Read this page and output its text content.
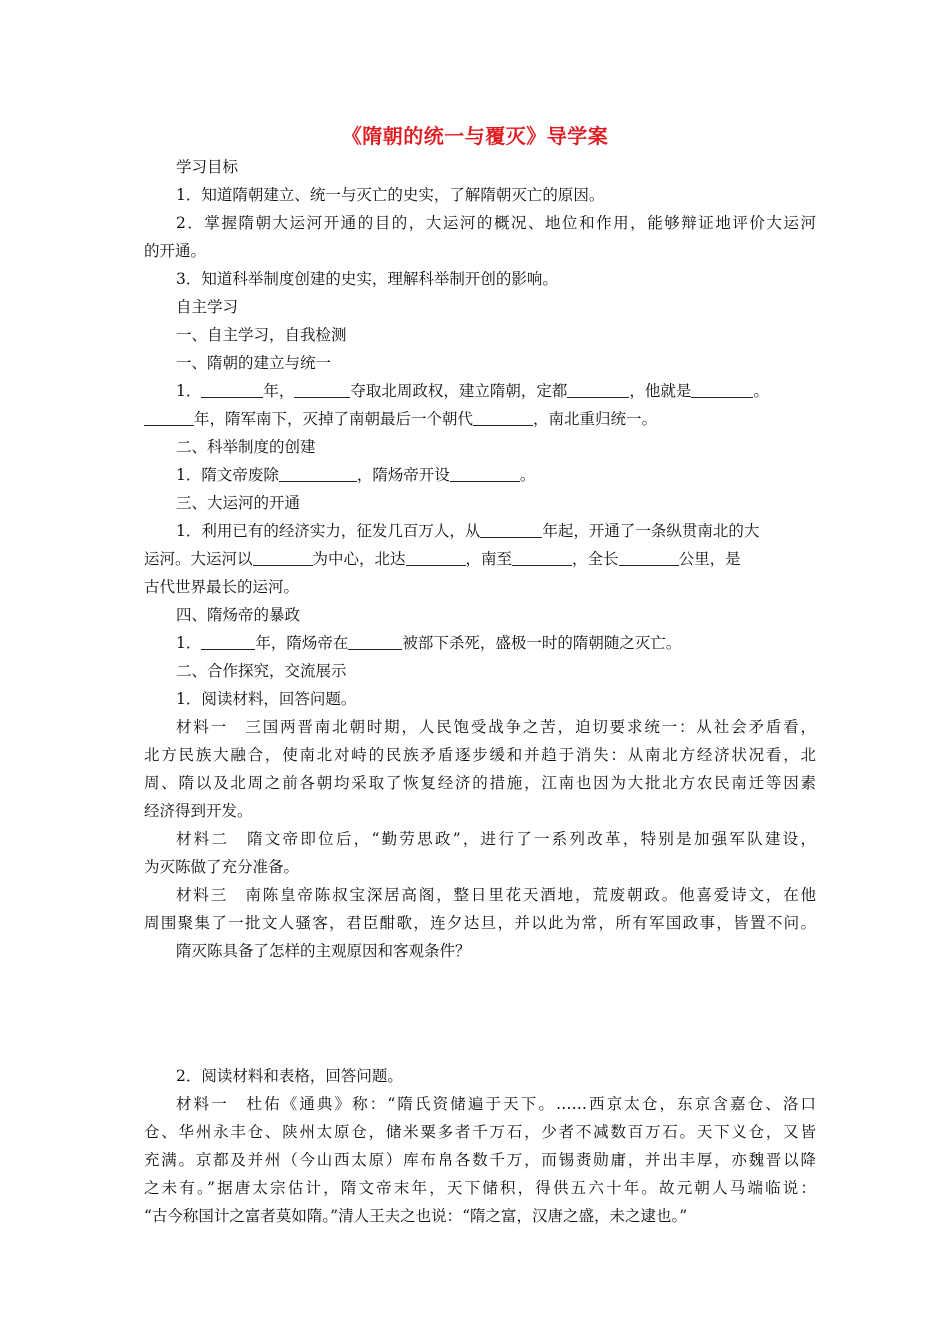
《隋朝的统一与覆灭》导学案
学习目标
1．知道隋朝建立、统一与灭亡的史实，了解隋朝灭亡的原因。
2．掌握隋朝大运河开通的目的，大运河的概况、地位和作用，能够辩证地评价大运河
的开通。
3．知道科举制度创建的史实，理解科举制开创的影响。
自主学习
一、自主学习，自我检测
一、隋朝的建立与统一
1．	年，	夺取北周政权，建立隋朝，定都	，他就是	。
年，隋军南下，灭掉了南朝最后一个朝代	，南北重归统一。
二、科举制度的创建
1．隋文帝废除	，隋炀帝开设	。
三、大运河的开通
1．利用已有的经济实力，征发几百万人，从	年起，开通了一条纵贯南北的大
运河。大运河以	为中心，北达	，南至	，全长	公里，是
古代世界最长的运河。
四、隋炀帝的暴政
1．	年，隋炀帝在	被部下杀死，盛极一时的隋朝随之灭亡。
二、合作探究，交流展示
1．阅读材料，回答问题。
材料一　三国两晋南北朝时期，人民饱受战争之苦，迫切要求统一：从社会矛盾看，
北方民族大融合，使南北对峙的民族矛盾逐步缓和并趋于消失：从南北方经济状况看，北
周、隋以及北周之前各朝均采取了恢复经济的措施，江南也因为大批北方农民南迁等因素
经济得到开发。
材料二　隋文帝即位后，“勤劳思政”，进行了一系列改革，特别是加强军队建设，
为灭陈做了充分准备。
材料三　南陈皇帝陈叔宝深居高阁，整日里花天酒地，荒废朝政。他喜爱诗文，在他
周围聚集了一批文人骚客，君臣酣歌，连夕达旦，并以此为常，所有军国政事，皆置不问。
隋灭陈具备了怎样的主观原因和客观条件？
2．阅读材料和表格，回答问题。
材料一　杜佑《通典》称：“隋氏资储遍于天下。……西京太仓，东京含嘉仓、洛口
仓、华州永丰仓、陕州太原仓，储米粟多者千万石，少者不减数百万石。天下义仓，又皆
充满。京都及并州（今山西太原）库布帛各数千万，而锡赉勋庸，并出丰厚，亦魏晋以降
之未有。”据唐太宗估计，隋文帝末年，天下储积，得供五六十年。故元朝人马端临说：
“古今称国计之富者莫如隋。”清人王夫之也说：“隋之富，汉唐之盛，未之逮也。”
